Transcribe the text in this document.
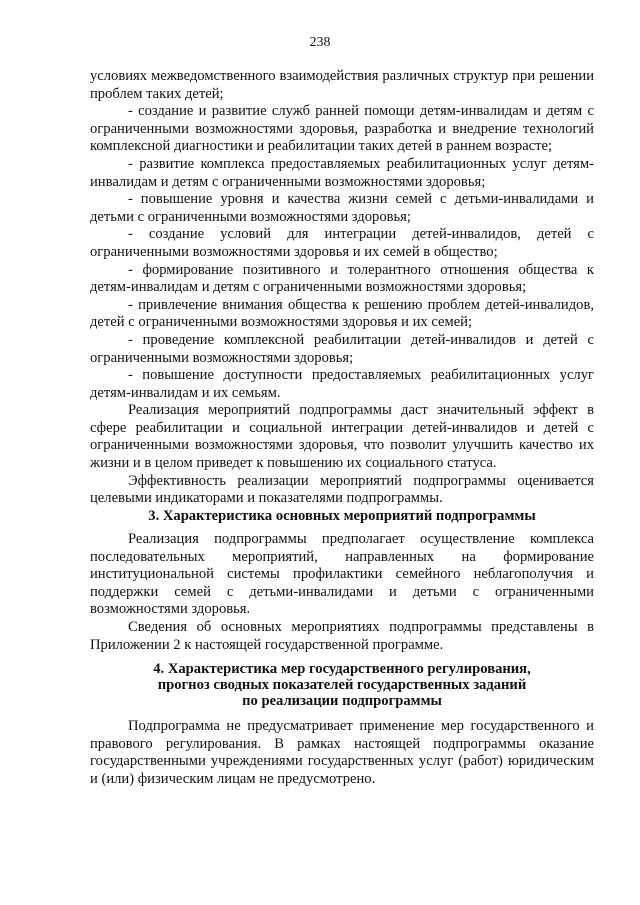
238

условиях межведомственного взаимодействия различных структур при решении проблем таких детей;

- создание и развитие служб ранней помощи детям-инвалидам и детям с ограниченными возможностями здоровья, разработка и внедрение технологий комплексной диагностики и реабилитации таких детей в раннем возрасте;

- развитие комплекса предоставляемых реабилитационных услуг детям-инвалидам и детям с ограниченными возможностями здоровья;

- повышение уровня и качества жизни семей с детьми-инвалидами и детьми с ограниченными возможностями здоровья;

- создание условий для интеграции детей-инвалидов, детей с ограниченными возможностями здоровья и их семей в общество;

- формирование позитивного и толерантного отношения общества к детям-инвалидам и детям с ограниченными возможностями здоровья;

- привлечение внимания общества к решению проблем детей-инвалидов, детей с ограниченными возможностями здоровья и их семей;

- проведение комплексной реабилитации детей-инвалидов и детей с ограниченными возможностями здоровья;

- повышение доступности предоставляемых реабилитационных услуг детям-инвалидам и их семьям.

Реализация мероприятий подпрограммы даст значительный эффект в сфере реабилитации и социальной интеграции детей-инвалидов и детей с ограниченными возможностями здоровья, что позволит улучшить качество их жизни и в целом приведет к повышению их социального статуса.

Эффективность реализации мероприятий подпрограммы оценивается целевыми индикаторами и показателями подпрограммы.

3. Характеристика основных мероприятий подпрограммы

Реализация подпрограммы предполагает осуществление комплекса последовательных мероприятий, направленных на формирование институциональной системы профилактики семейного неблагополучия и поддержки семей с детьми-инвалидами и детьми с ограниченными возможностями здоровья.

Сведения об основных мероприятиях подпрограммы представлены в Приложении 2 к настоящей государственной программе.

4. Характеристика мер государственного регулирования,
прогноз сводных показателей государственных заданий
по реализации подпрограммы

Подпрограмма не предусматривает применение мер государственного и правового регулирования. В рамках настоящей подпрограммы оказание государственными учреждениями государственных услуг (работ) юридическим и (или) физическим лицам не предусмотрено.
